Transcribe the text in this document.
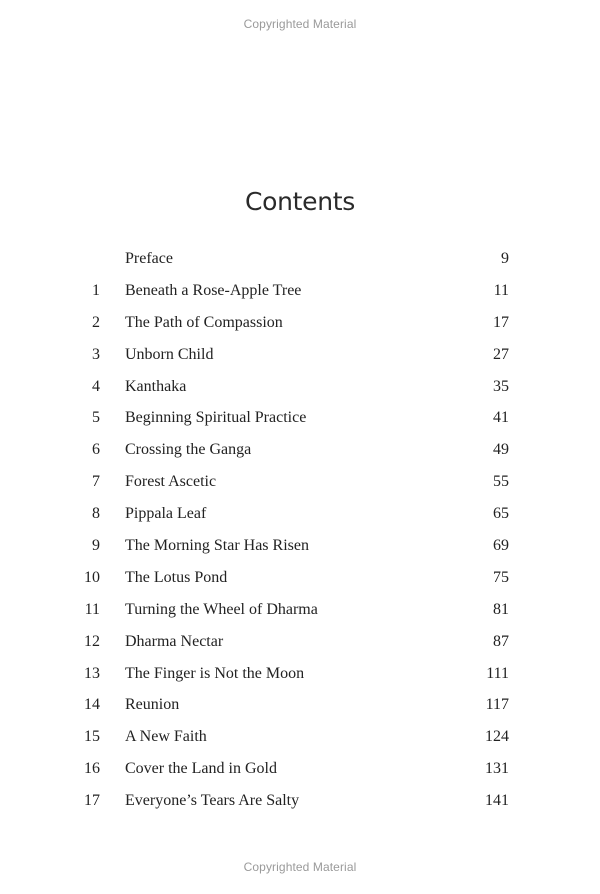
Copyrighted Material
Contents
Preface	9
1 Beneath a Rose-Apple Tree	11
2 The Path of Compassion	17
3 Unborn Child	27
4 Kanthaka	35
5 Beginning Spiritual Practice	41
6 Crossing the Ganga	49
7 Forest Ascetic	55
8 Pippala Leaf	65
9 The Morning Star Has Risen	69
10 The Lotus Pond	75
11 Turning the Wheel of Dharma	81
12 Dharma Nectar	87
13 The Finger is Not the Moon	111
14 Reunion	117
15 A New Faith	124
16 Cover the Land in Gold	131
17 Everyone’s Tears Are Salty	141
Copyrighted Material
